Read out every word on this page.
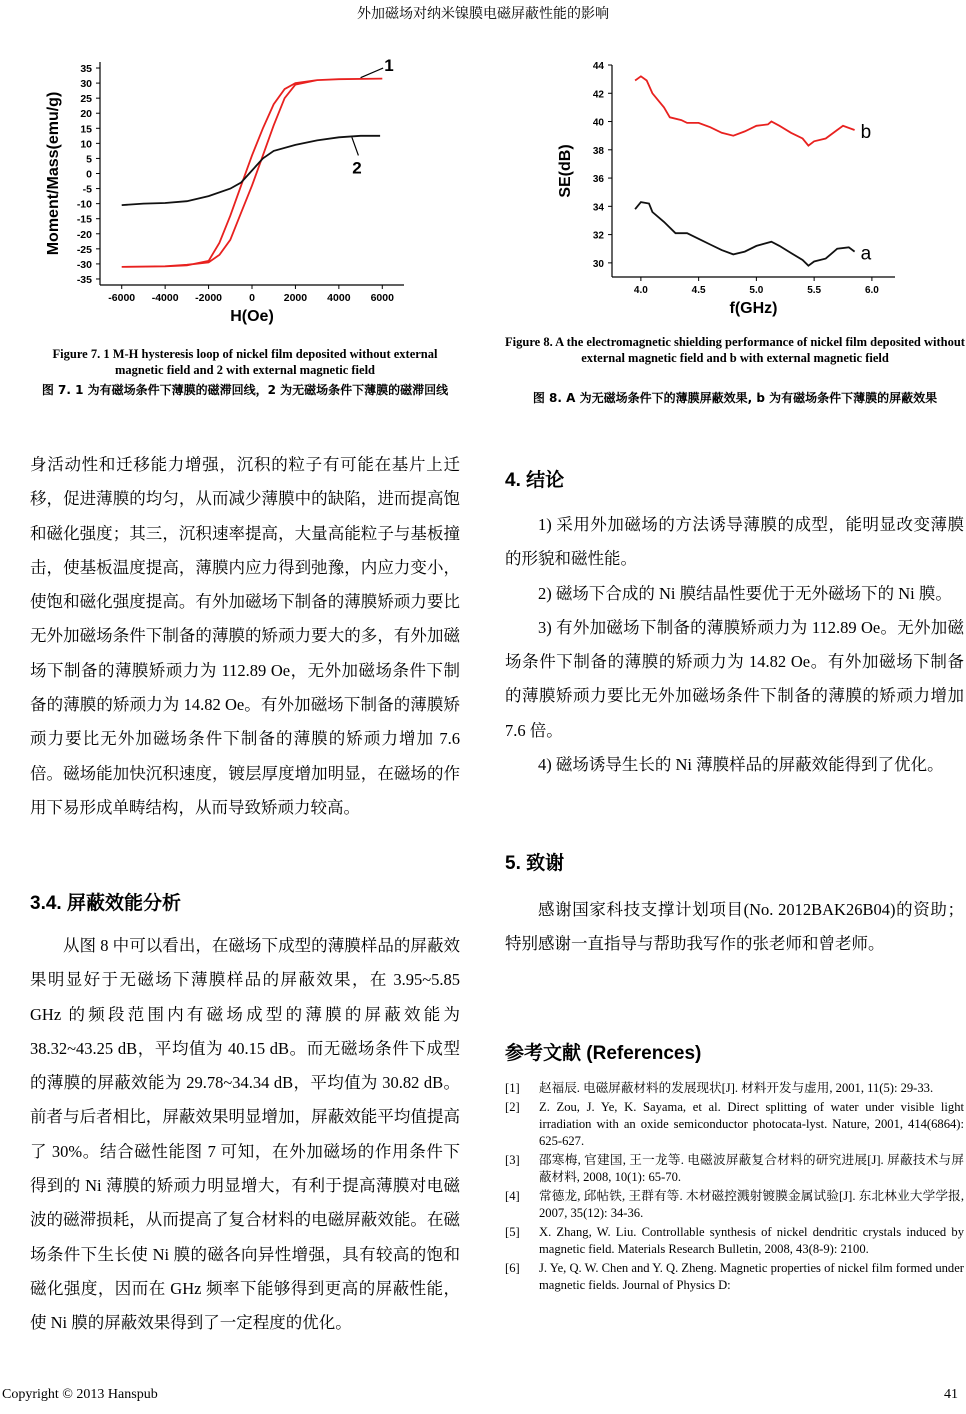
外加磁场对纳米镍膜电磁屏蔽性能的影响
-6000 -4000 -2000	0	2000 4000 6000
-35
-30
-25
-20
-15
-10
-5
0
5
10
15
20
25
30
35
H(Oe)
Moment/Mass(emu/g)
1
2
4.0	4.5	5.0	5.5	6.0
30
32
34
36
38
40
42
44
f(GHz)
SE(dB)
b
a
Figure 7. 1 M-H hysteresis loop of nickel film deposited without external magnetic field and 2 with external magnetic field
图 7. 1 为有磁场条件下薄膜的磁滞回线，2 为无磁场条件下薄膜的磁滞回线
Figure 8. A the electromagnetic shielding performance of nickel film deposited without external magnetic field and b with external magnetic field
图 8. A 为无磁场条件下的薄膜屏蔽效果, b 为有磁场条件下薄膜的屏蔽效果

身活动性和迁移能力增强，沉积的粒子有可能在基片上迁移，促进薄膜的均匀，从而减少薄膜中的缺陷，进而提高饱和磁化强度；其三，沉积速率提高，大量高能粒子与基板撞击，使基板温度提高，薄膜内应力得到弛豫，内应力变小，使饱和磁化强度提高。有外加磁场下制备的薄膜矫顽力要比无外加磁场条件下制备的薄膜的矫顽力要大的多，有外加磁场下制备的薄膜矫顽力为 112.89 Oe，无外加磁场条件下制备的薄膜的矫顽力为 14.82 Oe。有外加磁场下制备的薄膜矫顽力要比无外加磁场条件下制备的薄膜的矫顽力增加 7.6 倍。磁场能加快沉积速度，镀层厚度增加明显，在磁场的作用下易形成单畴结构，从而导致矫顽力较高。

3.4. 屏蔽效能分析

从图 8 中可以看出，在磁场下成型的薄膜样品的屏蔽效果明显好于无磁场下薄膜样品的屏蔽效果，在 3.95~5.85 GHz 的频段范围内有磁场成型的薄膜的屏蔽效能为 38.32~43.25 dB，平均值为 40.15 dB。而无磁场条件下成型的薄膜的屏蔽效能为 29.78~34.34 dB，平均值为 30.82 dB。前者与后者相比，屏蔽效果明显增加，屏蔽效能平均值提高了 30%。结合磁性能图 7 可知，在外加磁场的作用条件下得到的 Ni 薄膜的矫顽力明显增大，有利于提高薄膜对电磁波的磁滞损耗，从而提高了复合材料的电磁屏蔽效能。在磁场条件下生长使 Ni 膜的磁各向异性增强，具有较高的饱和磁化强度，因而在 GHz 频率下能够得到更高的屏蔽性能，使 Ni 膜的屏蔽效果得到了一定程度的优化。

4. 结论

1) 采用外加磁场的方法诱导薄膜的成型，能明显改变薄膜的形貌和磁性能。

2) 磁场下合成的 Ni 膜结晶性要优于无外磁场下的 Ni 膜。

3) 有外加磁场下制备的薄膜矫顽力为 112.89 Oe。无外加磁场条件下制备的薄膜的矫顽力为 14.82 Oe。有外加磁场下制备的薄膜矫顽力要比无外加磁场条件下制备的薄膜的矫顽力增加 7.6 倍。

4) 磁场诱导生长的 Ni 薄膜样品的屏蔽效能得到了优化。

5. 致谢

感谢国家科技支撑计划项目(No. 2012BAK26B04)的资助；特别感谢一直指导与帮助我写作的张老师和曾老师。

参考文献 (References)
[1]	赵福辰. 电磁屏蔽材料的发展现状[J]. 材料开发与虚用, 2001, 11(5): 29-33.
[2]	Z. Zou, J. Ye, K. Sayama, et al. Direct splitting of water under visible light irradiation with an oxide semiconductor photocata-lyst. Nature, 2001, 414(6864): 625-627.
[3]	邵寒梅, 官建国, 王一龙等. 电磁波屏蔽复合材料的研究进展[J]. 屏蔽技术与屏蔽材料, 2008, 10(1): 65-70.
[4]	常德龙, 邱帖铁, 王群有等. 木材磁控溅射镀膜金属试验[J]. 东北林业大学学报, 2007, 35(12): 34-36.
[5]	X. Zhang, W. Liu. Controllable synthesis of nickel dendritic crystals induced by magnetic field. Materials Research Bulletin, 2008, 43(8-9): 2100.
[6]	J. Ye, Q. W. Chen and Y. Q. Zheng. Magnetic properties of nickel film formed under magnetic fields. Journal of Physics D:
Copyright © 2013 Hanspub	41
